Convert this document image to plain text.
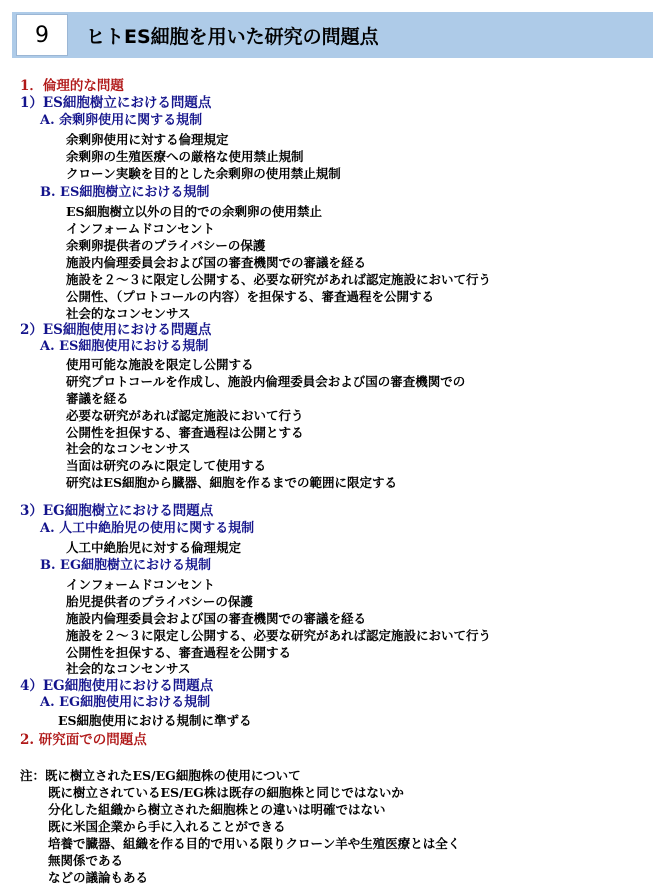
9	ヒトES細胞を用いた研究の問題点
1．倫理的な問題
1）ES細胞樹立における問題点
A. 余剰卵使用に関する規制
余剰卵使用に対する倫理規定
余剰卵の生殖医療への厳格な使用禁止規制
クローン実験を目的とした余剰卵の使用禁止規制
B. ES細胞樹立における規制
ES細胞樹立以外の目的での余剰卵の使用禁止
インフォームドコンセント
余剰卵提供者のプライバシーの保護
施設内倫理委員会および国の審査機関での審議を経る
施設を２～３に限定し公開する、必要な研究があれば認定施設において行う
公開性、（プロトコールの内容）を担保する、審査過程を公開する
社会的なコンセンサス
2）ES細胞使用における問題点
A. ES細胞使用における規制
使用可能な施設を限定し公開する
研究プロトコールを作成し、施設内倫理委員会および国の審査機関での
審議を経る
必要な研究があれば認定施設において行う
公開性を担保する、審査過程は公開とする
社会的なコンセンサス
当面は研究のみに限定して使用する
研究はES細胞から臓器、細胞を作るまでの範囲に限定する
3）EG細胞樹立における問題点
A. 人工中絶胎児の使用に関する規制
人工中絶胎児に対する倫理規定
B. EG細胞樹立における規制
インフォームドコンセント
胎児提供者のプライバシーの保護
施設内倫理委員会および国の審査機関での審議を経る
施設を２～３に限定し公開する、必要な研究があれば認定施設において行う
公開性を担保する、審査過程を公開する
社会的なコンセンサス
4）EG細胞使用における問題点
A. EG細胞使用における規制
ES細胞使用における規制に準ずる
2. 研究面での問題点
注：既に樹立されたES/EG細胞株の使用について
既に樹立されているES/EG株は既存の細胞株と同じではないか
分化した組織から樹立された細胞株との違いは明確ではない
既に米国企業から手に入れることができる
培養で臓器、組織を作る目的で用いる限りクローン羊や生殖医療とは全く
無関係である
などの議論もある
